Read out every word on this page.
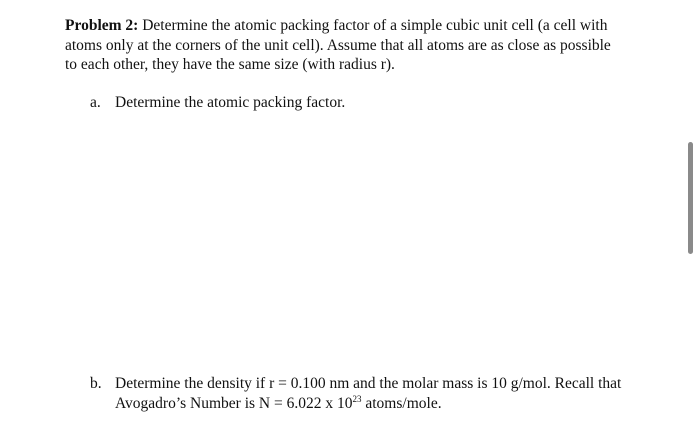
Problem 2: Determine the atomic packing factor of a simple cubic unit cell (a cell with
atoms only at the corners of the unit cell). Assume that all atoms are as close as possible
to each other, they have the same size (with radius r).
a. Determine the atomic packing factor.
b. Determine the density if r = 0.100 nm and the molar mass is 10 g/mol. Recall that
Avogadro’s Number is N = 6.022 x $10^{23}$ atoms/mole.
